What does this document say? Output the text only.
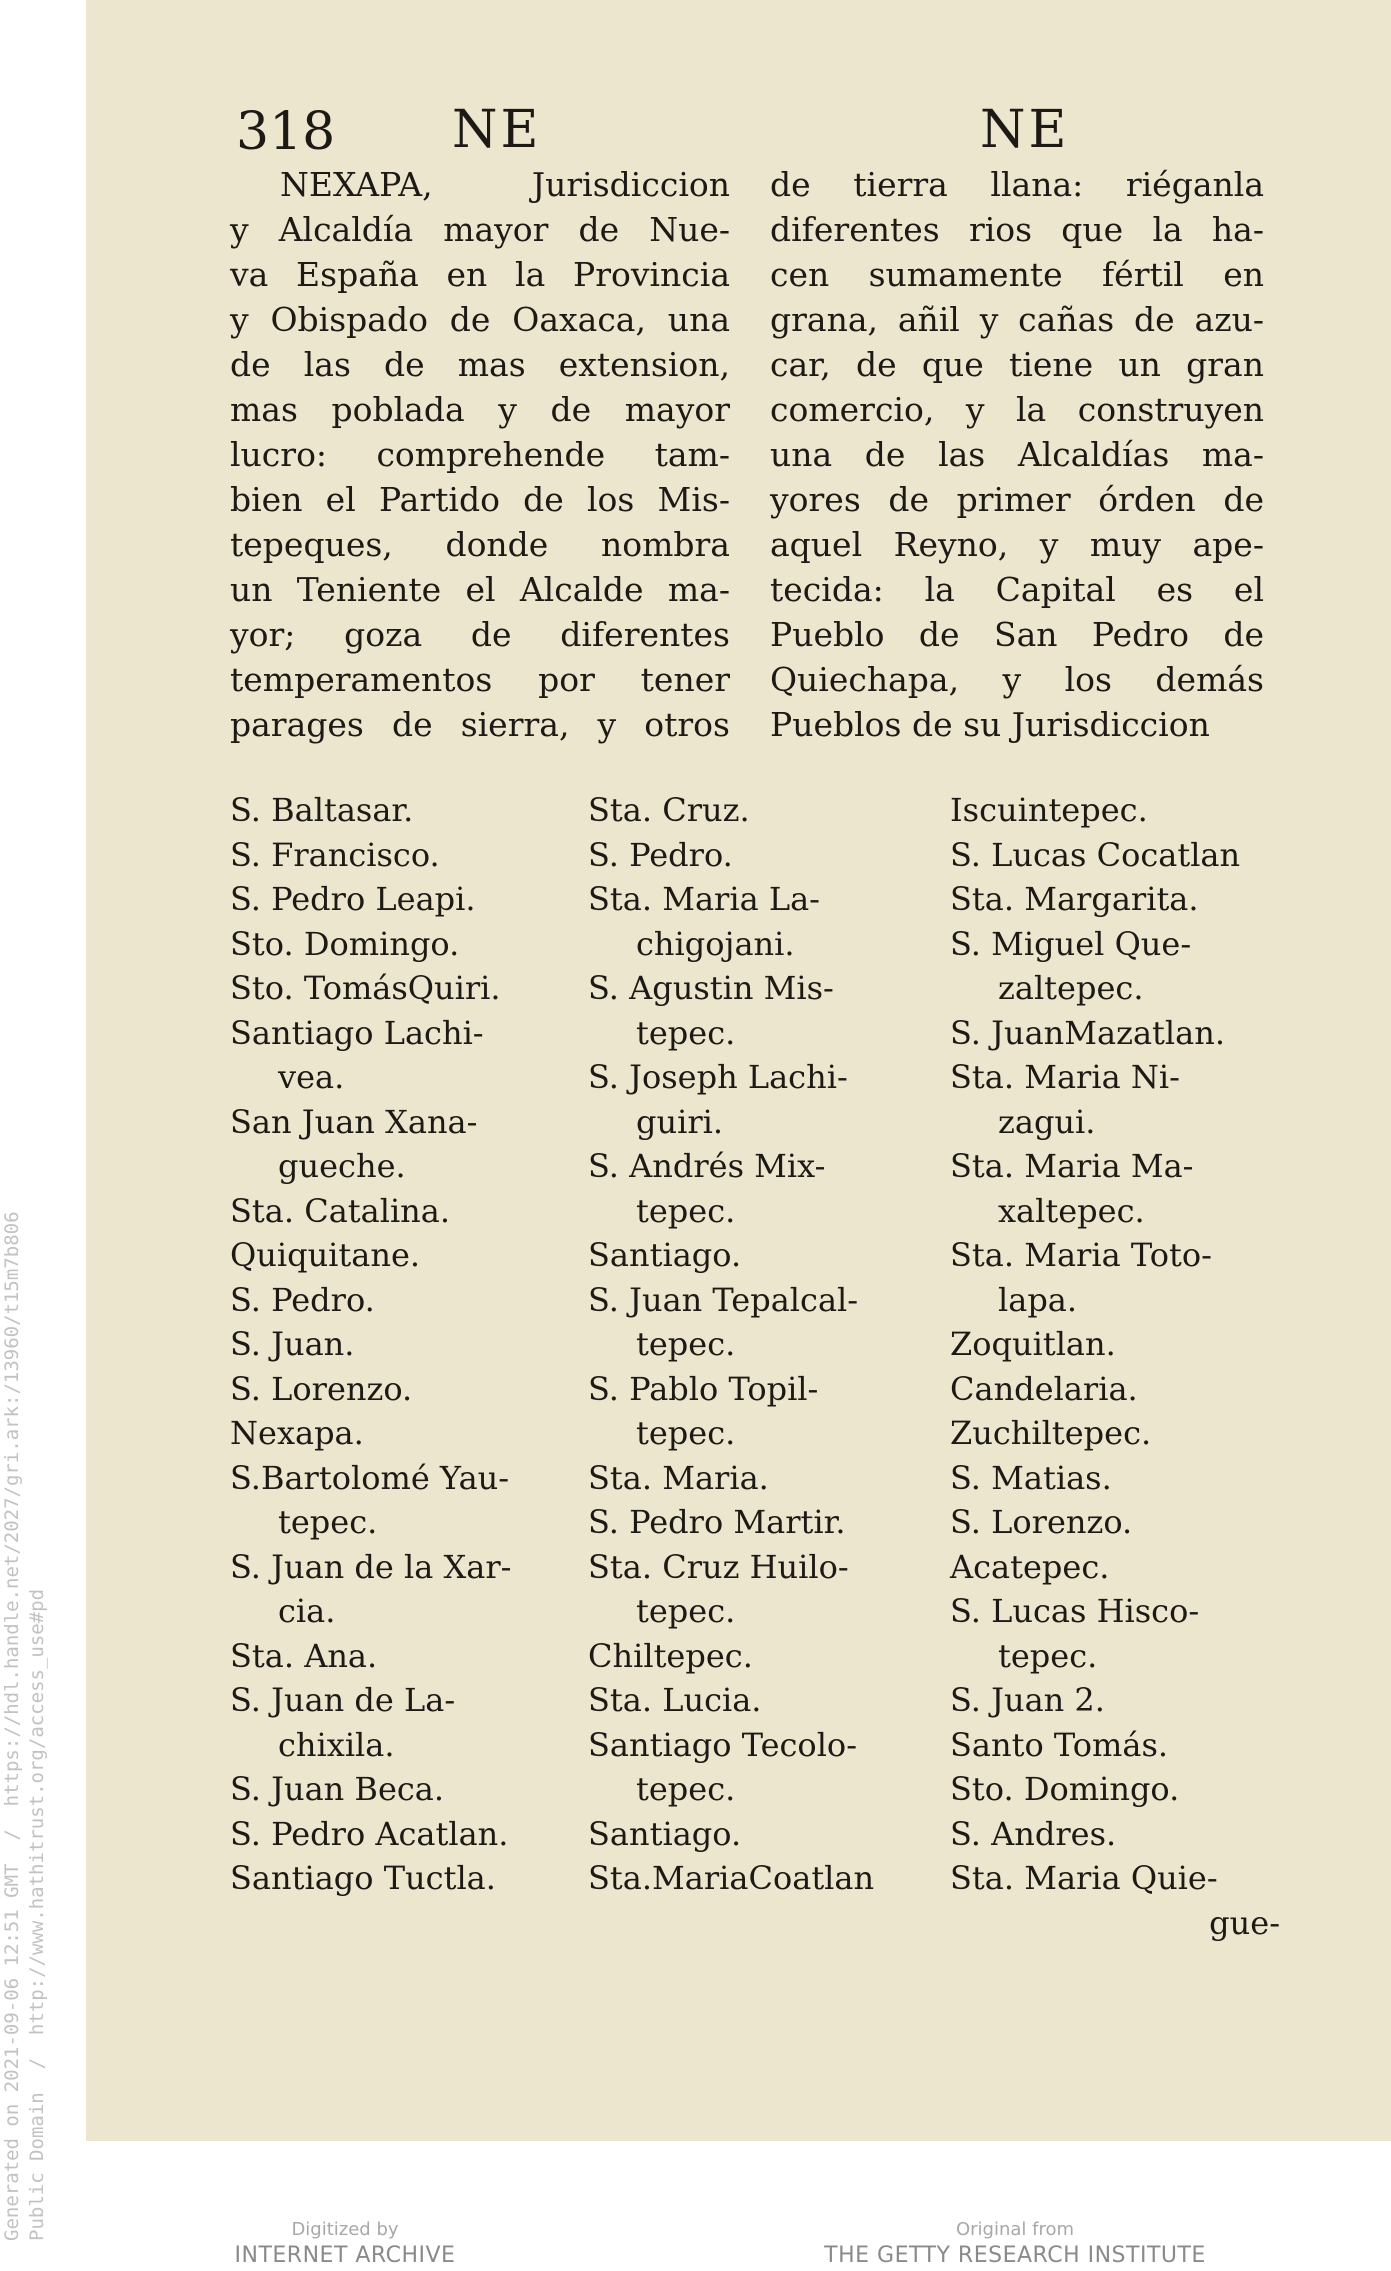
Generated on 2021-09-06 12:51 GMT  /  https://hdl.handle.net/2027/gri.ark:/13960/t15m7b806 Public Domain  /  http://www.hathitrust.org/access_use#pd
318 NE	NE
NEXAPA, Jurisdiccion
y Alcaldía mayor de Nue-
va España en la Provincia
y Obispado de Oaxaca, una
de las de mas extension,
mas poblada y de mayor
lucro: comprehende tam-
bien el Partido de los Mis-
tepeques, donde nombra
un Teniente el Alcalde ma-
yor; goza de diferentes
temperamentos por tener
parages de sierra, y otros
de tierra llana: riéganla
diferentes rios que la ha-
cen sumamente fértil en
grana, añil y cañas de azu-
car, de que tiene un gran
comercio, y la construyen
una de las Alcaldías ma-
yores de primer órden de
aquel Reyno, y muy ape-
tecida: la Capital es el
Pueblo de San Pedro de
Quiechapa, y los demás
Pueblos de su Jurisdiccion
S. Baltasar.
S. Francisco.
S. Pedro Leapi.
Sto. Domingo.
Sto. TomásQuiri.
Santiago Lachi-
vea.
San Juan Xana-
gueche.
Sta. Catalina.
Quiquitane.
S. Pedro.
S. Juan.
S. Lorenzo.
Nexapa.
S.Bartolomé Yau-
tepec.
S. Juan de la Xar-
cia.
Sta. Ana.
S. Juan de La-
chixila.
S. Juan Beca.
S. Pedro Acatlan.
Santiago Tuctla.
Sta. Cruz.
S. Pedro.
Sta. Maria La-
chigojani.
S. Agustin Mis-
tepec.
S. Joseph Lachi-
guiri.
S. Andrés Mix-
tepec.
Santiago.
S. Juan Tepalcal-
tepec.
S. Pablo Topil-
tepec.
Sta. Maria.
S. Pedro Martir.
Sta. Cruz Huilo-
tepec.
Chiltepec.
Sta. Lucia.
Santiago Tecolo-
tepec.
Santiago.
Sta.MariaCoatlan
Iscuintepec.
S. Lucas Cocatlan
Sta. Margarita.
S. Miguel Que-
zaltepec.
S. JuanMazatlan.
Sta. Maria Ni-
zagui.
Sta. Maria Ma-
xaltepec.
Sta. Maria Toto-
lapa.
Zoquitlan.
Candelaria.
Zuchiltepec.
S. Matias.
S. Lorenzo.
Acatepec.
S. Lucas Hisco-
tepec.
S. Juan 2.
Santo Tomás.
Sto. Domingo.
S. Andres.
Sta. Maria Quie-
gue-
Digitized by
INTERNET ARCHIVE
Original from
THE GETTY RESEARCH INSTITUTE
